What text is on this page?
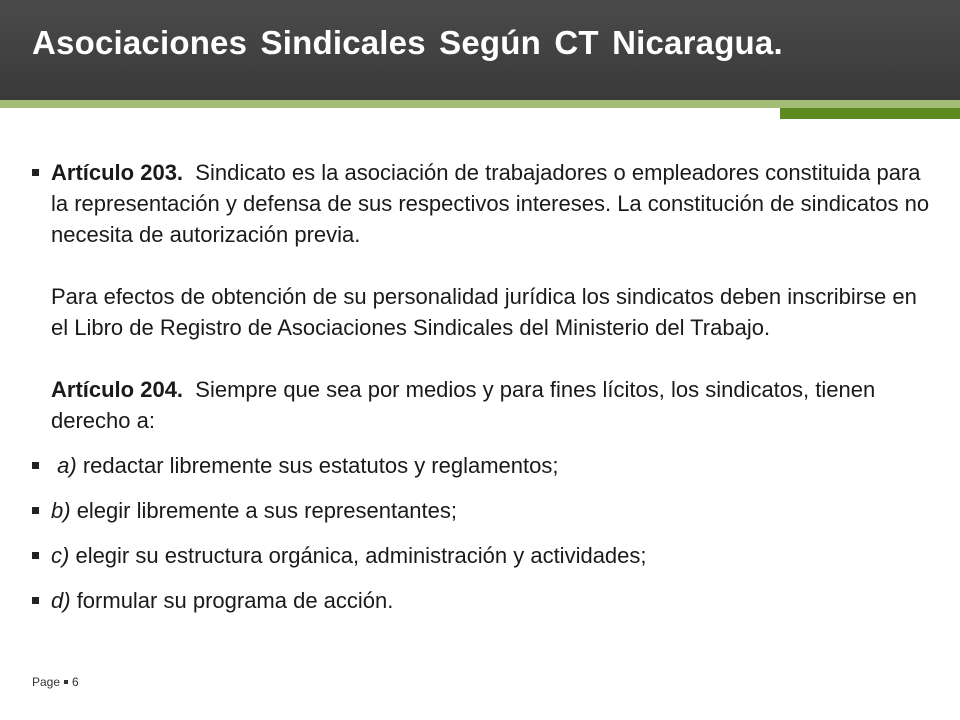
Asociaciones Sindicales Según CT Nicaragua.
Artículo 203. Sindicato es la asociación de trabajadores o empleadores constituida para la representación y defensa de sus respectivos intereses. La constitución de sindicatos no necesita de autorización previa.
Para efectos de obtención de su personalidad jurídica los sindicatos deben inscribirse en el Libro de Registro de Asociaciones Sindicales del Ministerio del Trabajo.
Artículo 204. Siempre que sea por medios y para fines lícitos, los sindicatos, tienen derecho a:
a) redactar libremente sus estatutos y reglamentos;
b) elegir libremente a sus representantes;
c) elegir su estructura orgánica, administración y actividades;
d) formular su programa de acción.
Page 6
